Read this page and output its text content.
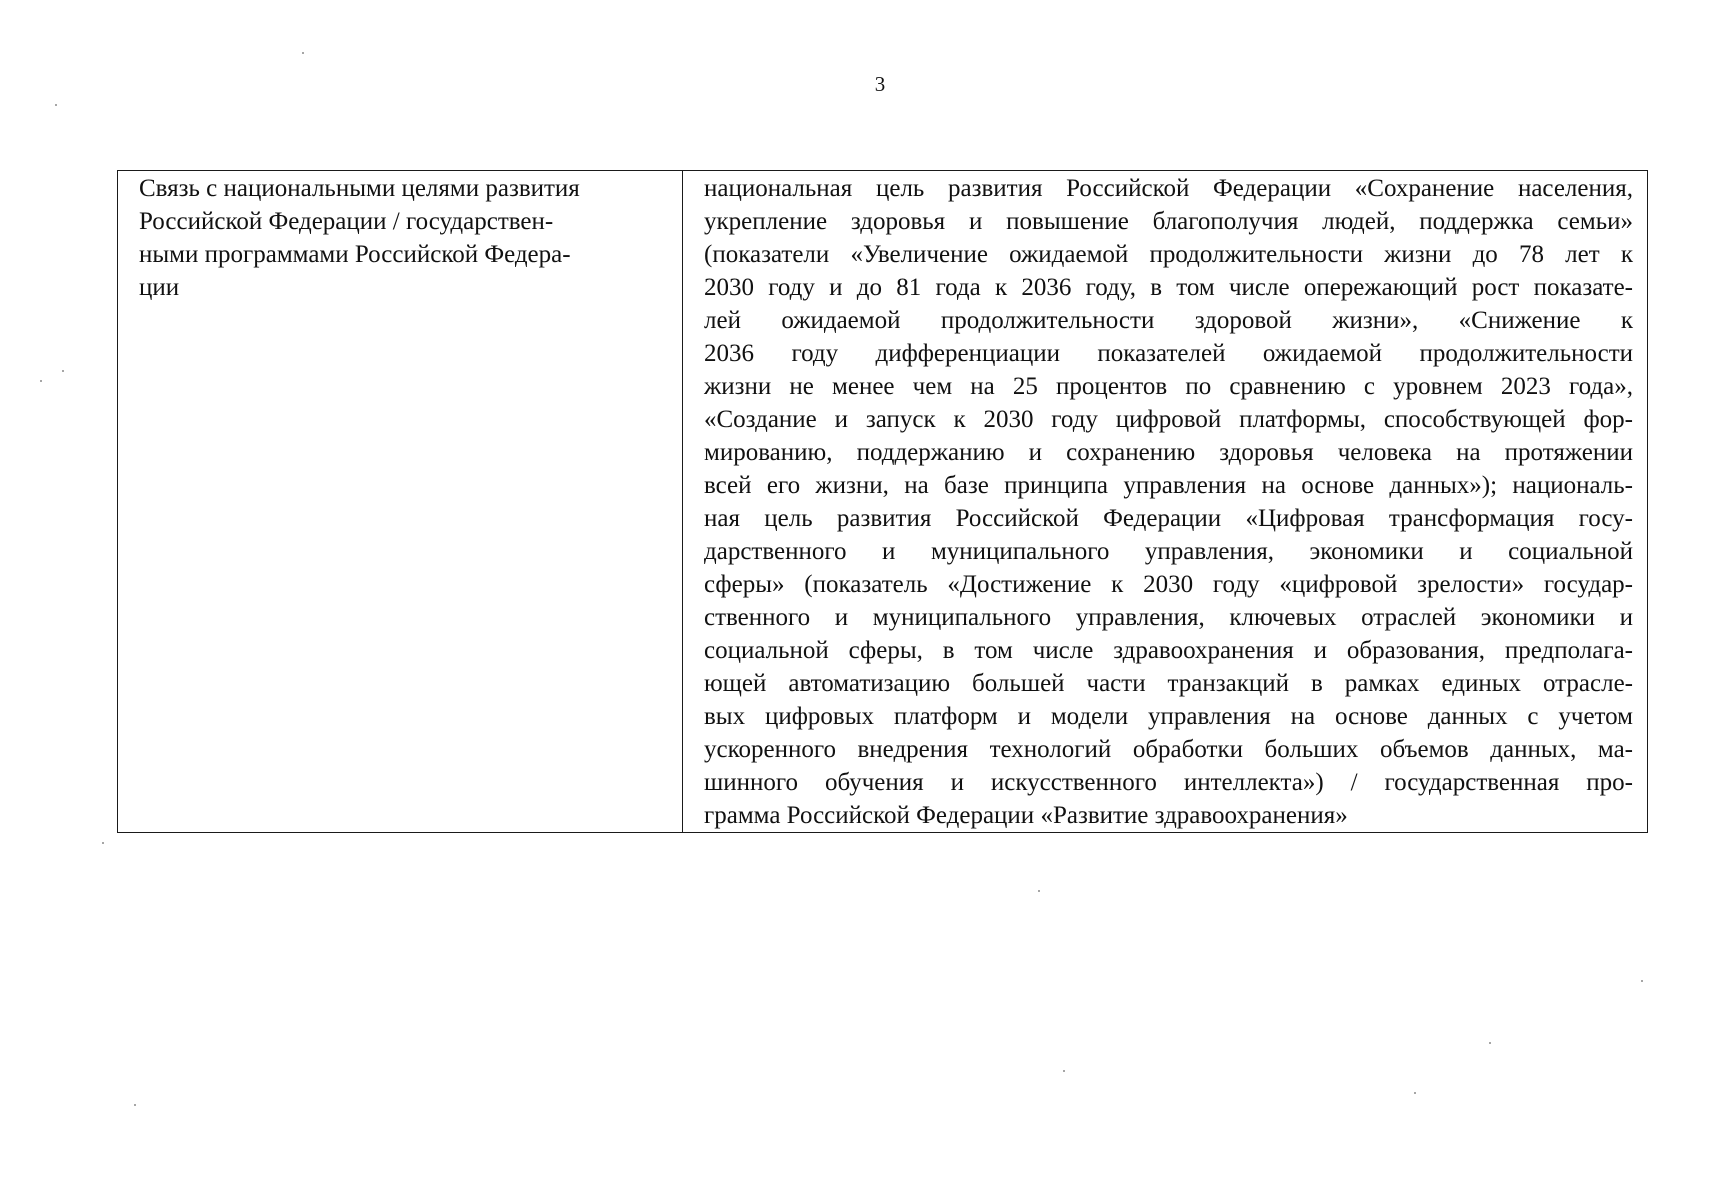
3
Связь с национальными целями развития
Российской Федерации / государствен-
ными программами Российской Федера-
ции

национальная цель развития Российской Федерации «Сохранение населения,
укрепление здоровья и повышение благополучия людей, поддержка семьи»
(показатели «Увеличение ожидаемой продолжительности жизни до 78 лет к
2030 году и до 81 года к 2036 году, в том числе опережающий рост показате-
лей ожидаемой продолжительности здоровой жизни», «Снижение к
2036 году дифференциации показателей ожидаемой продолжительности
жизни не менее чем на 25 процентов по сравнению с уровнем 2023 года»,
«Создание и запуск к 2030 году цифровой платформы, способствующей фор-
мированию, поддержанию и сохранению здоровья человека на протяжении
всей его жизни, на базе принципа управления на основе данных»); националь-
ная цель развития Российской Федерации «Цифровая трансформация госу-
дарственного и муниципального управления, экономики и социальной
сферы» (показатель «Достижение к 2030 году «цифровой зрелости» государ-
ственного и муниципального управления, ключевых отраслей экономики и
социальной сферы, в том числе здравоохранения и образования, предполага-
ющей автоматизацию большей части транзакций в рамках единых отрасле-
вых цифровых платформ и модели управления на основе данных с учетом
ускоренного внедрения технологий обработки больших объемов данных, ма-
шинного обучения и искусственного интеллекта») / государственная про-
грамма Российской Федерации «Развитие здравоохранения»
